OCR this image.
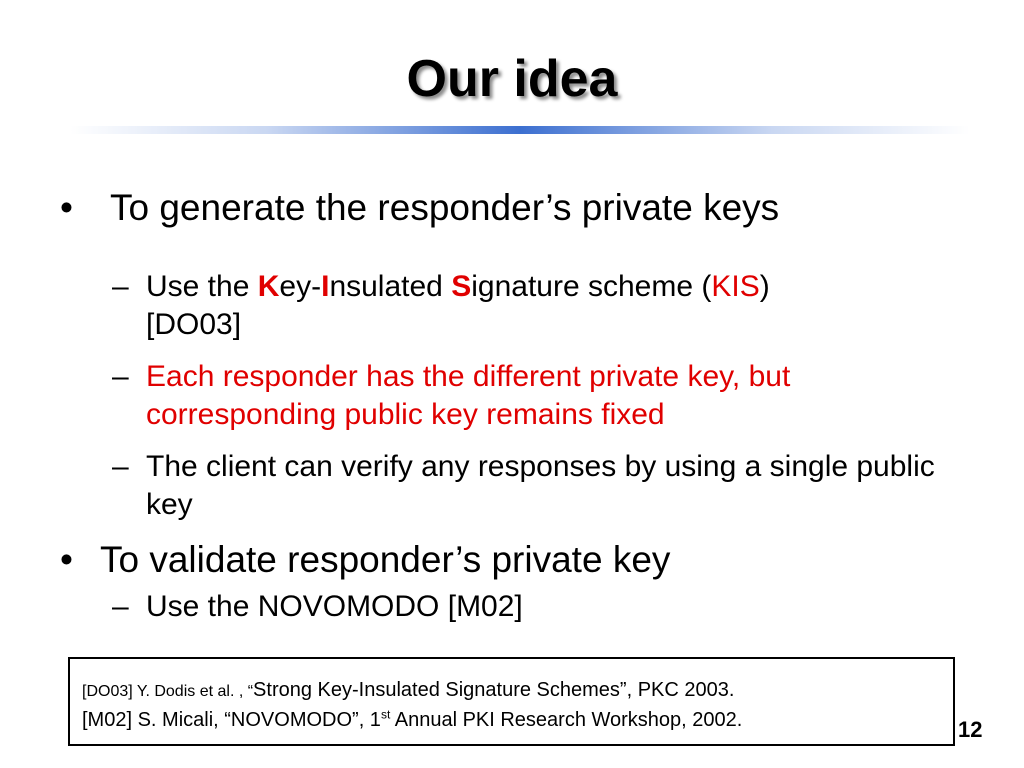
Our idea
• To generate the responder’s private keys
– Use the Key-Insulated Signature scheme (KIS)
[DO03]
– Each responder has the different private key, but corresponding public key remains fixed
– The client can verify any responses by using a single public key
• To validate responder’s private key
– Use the NOVOMODO [M02]
[DO03] Y. Dodis et al. , “Strong Key-Insulated Signature Schemes”, PKC 2003.
[M02] S. Micali, “NOVOMODO”, 1st Annual PKI Research Workshop, 2002.	12
